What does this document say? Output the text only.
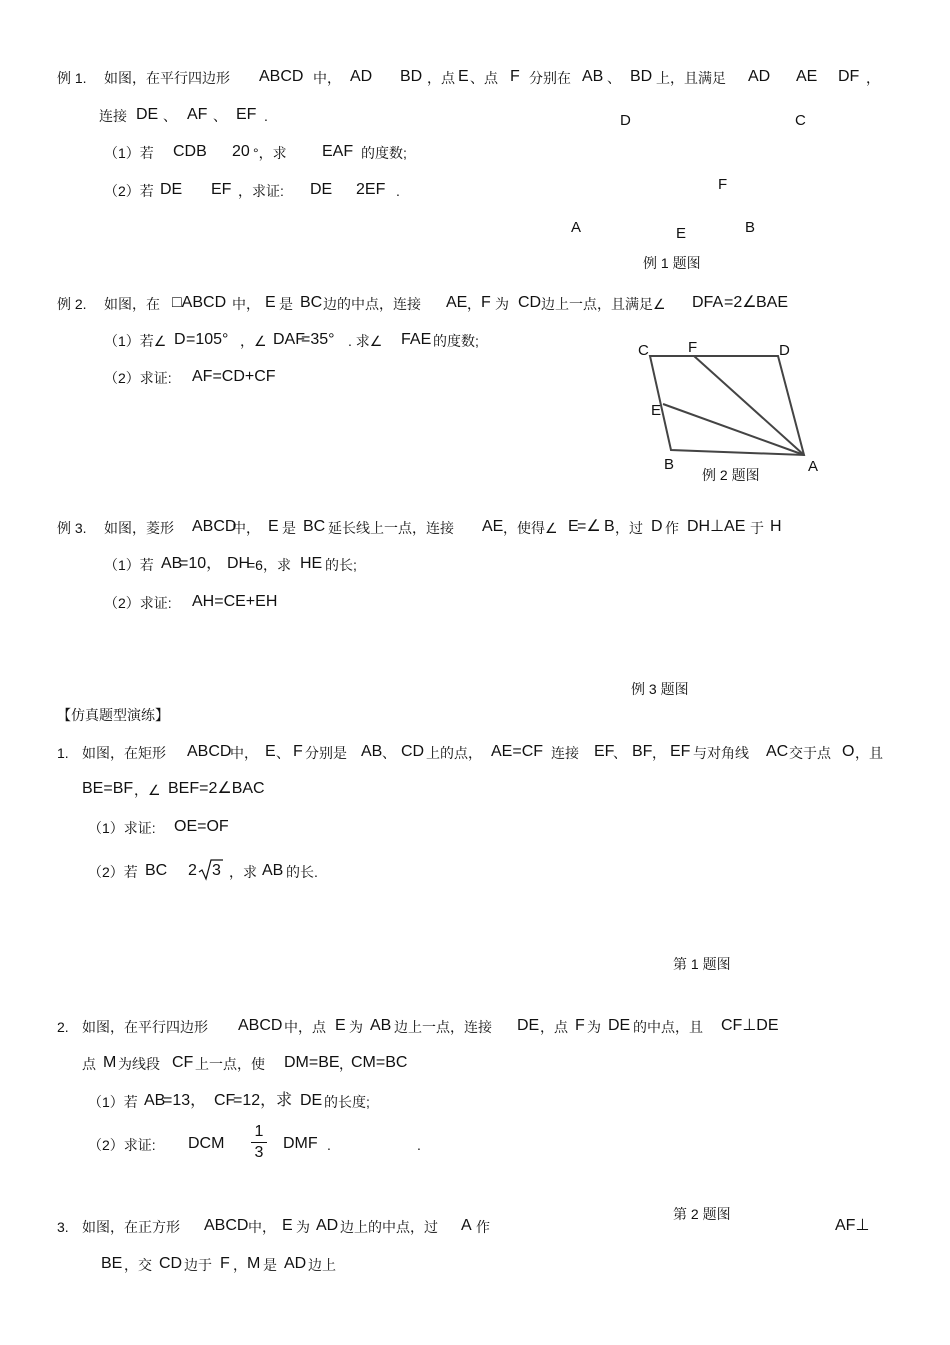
例 1. 如图，在平行四边形 ABCD 中， AD BD ，点 E 、点 F 分别在 AB 、 BD 上，且满足 AD AE DF ，
连接 DE 、 AF 、 EF .
（1）若 CDB 20 °，求 EAF 的度数;
（2）若 DE EF ，求证: DE 2EF .
D	C
F
A	E	B
例 1 题图
例 2. 如图，在 □ABCD 中， E 是 BC 边的中点，连接 AE ， F 为 CD 边上一点，且满足∠ DFA =2∠ BAE
（1）若∠ D =105° ，∠ DAF
=35° . 求∠ FAE 的度数;
（2）求证: AF=CD+CF
C	F	D
E
B	A
例 2 题图
例 3. 如图，菱形 ABCD
中， E 是 BC 延长线上一点，连接 AE ，使得∠ E
=∠ B ，过 D 作 DH⊥AE 于 H
（1）若 AB
=10， DH
=6，求 HE 的长;
（2）求证: AH=CE+EH
例 3 题图
【仿真题型演练】
1. 如图，在矩形 ABCD
中， E 、 F 分别是 AB 、 CD 上的点， AE=CF 连接 EF
、 BF ， EF 与对角线 AC 交于点 O ，且
BE=BF ，∠ BEF=2∠BAC
（1）求证: OE=OF
（2）若 BC 2 3 ，求 AB 的长.
第 1 题图
2. 如图，在平行四边形 ABCD 中，点 E 为 AB 边上一点，连接 DE ，点 F 为 DE 的中点，且 CF⊥DE
点 M 为线段 CF 上一点，使 DM=BE ，
CM=BC
（1）若 AB
=13， CF
=12，求 DE 的长度;
（2）求证: DCM
1
3
DMF .	.
第 2 题图
3. 如图，在正方形 ABCD 中， E 为 AD 边上的中点，过 A 作	AF⊥
BE ，交 CD 边于 F ， M 是 AD 边上
